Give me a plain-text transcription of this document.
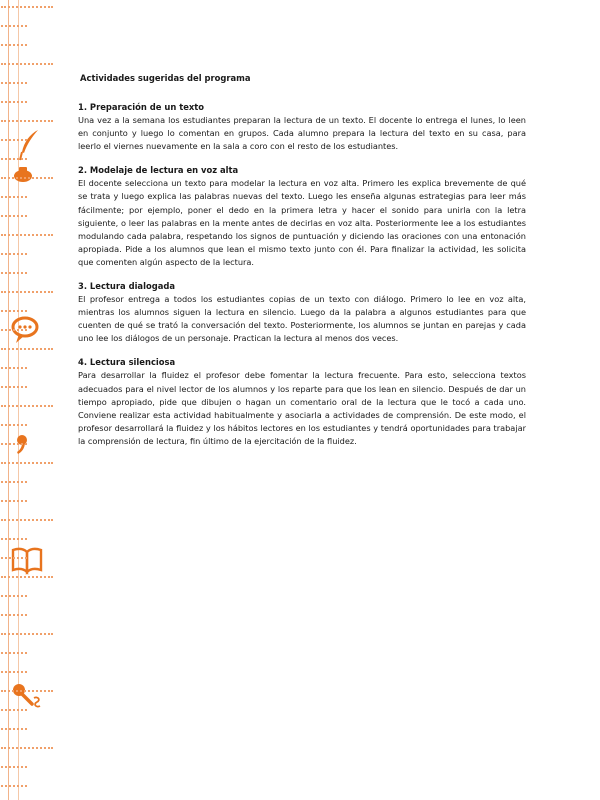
Actividades sugeridas del programa
1. Preparación de un texto

Una vez a la semana los estudiantes preparan la lectura de un texto. El docente lo entrega el lunes, lo leen en conjunto y luego lo comentan en grupos. Cada alumno prepara la lectura del texto en su casa, para leerlo el viernes nuevamente en la sala a coro con el resto de los estudiantes.

2. Modelaje de lectura en voz alta

El docente selecciona un texto para modelar la lectura en voz alta. Primero les explica brevemente de qué se trata y luego explica las palabras nuevas del texto. Luego les enseña algunas estrategias para leer más fácilmente; por ejemplo, poner el dedo en la primera letra y hacer el sonido para unirla con la letra siguiente, o leer las palabras en la mente antes de decirlas en voz alta. Posteriormente lee a los estudiantes modulando cada palabra, respetando los signos de puntuación y diciendo las oraciones con una entonación apropiada. Pide a los alumnos que lean el mismo texto junto con él. Para finalizar la actividad, les solicita que comenten algún aspecto de la lectura.

3. Lectura dialogada

El profesor entrega a todos los estudiantes copias de un texto con diálogo. Primero lo lee en voz alta, mientras los alumnos siguen la lectura en silencio. Luego da la palabra a algunos estudiantes para que cuenten de qué se trató la conversación del texto. Posteriormente, los alumnos se juntan en parejas y cada uno lee los diálogos de un personaje. Practican la lectura al menos dos veces.

4. Lectura silenciosa

Para desarrollar la fluidez el profesor debe fomentar la lectura frecuente. Para esto, selecciona textos adecuados para el nivel lector de los alumnos y los reparte para que los lean en silencio. Después de dar un tiempo apropiado, pide que dibujen o hagan un comentario oral de la lectura que le tocó a cada uno. Conviene realizar esta actividad habitualmente y asociarla a actividades de comprensión. De este modo, el profesor desarrollará la fluidez y los hábitos lectores en los estudiantes y tendrá oportunidades para trabajar la comprensión de lectura, fin último de la ejercitación de la fluidez.
